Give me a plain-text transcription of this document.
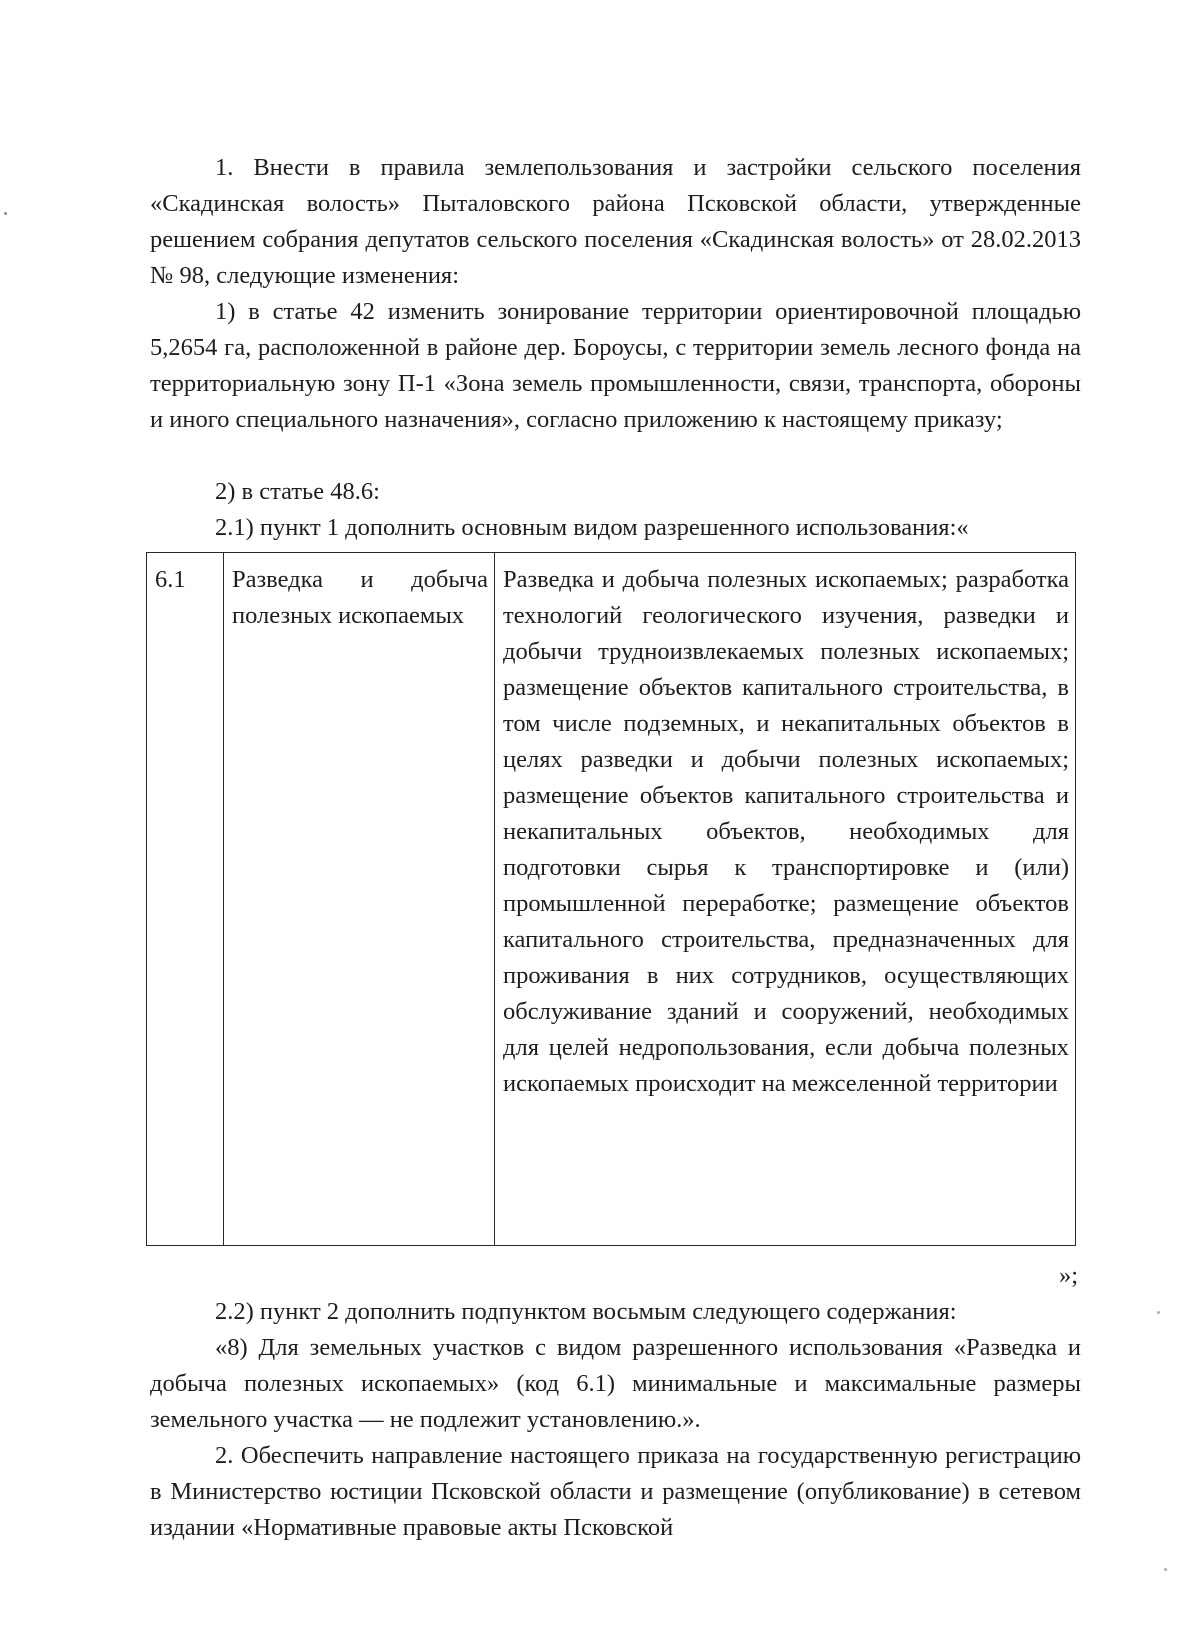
1. Внести в правила землепользования и застройки сельского поселения «Скадинская волость» Пыталовского района Псковской области, утвержденные решением собрания депутатов сельского поселения «Скадинская волость» от 28.02.2013 № 98, следующие изменения:

1) в статье 42 изменить зонирование территории ориентировочной площадью 5,2654 га, расположенной в районе дер. Бороусы, с территории земель лесного фонда на территориальную зону П-1 «Зона земель промышленности, связи, транспорта, обороны и иного специального назначения», согласно приложению к настоящему приказу;

2) в статье 48.6:

2.1) пункт 1 дополнить основным видом разрешенного использования:«

6.1	Разведка и добыча полезных ископаемых	Разведка и добыча полезных ископаемых; разработка технологий геологического изучения, разведки и добычи трудноизвлекаемых полезных ископаемых; размещение объектов капитального строительства, в том числе подземных, и некапитальных объектов в целях разведки и добычи полезных ископаемых; размещение объектов капитального строительства и некапитальных объектов, необходимых для подготовки сырья к транспортировке и (или) промышленной переработке; размещение объектов капитального строительства, предназначенных для проживания в них сотрудников, осуществляющих обслуживание зданий и сооружений, необходимых для целей недропользования, если добыча полезных ископаемых происходит на межселенной территории

»;

2.2) пункт 2 дополнить подпунктом восьмым следующего содержания:

«8) Для земельных участков с видом разрешенного использования «Разведка и добыча полезных ископаемых» (код 6.1) минимальные и максимальные размеры земельного участка — не подлежит установлению.».

2. Обеспечить направление настоящего приказа на государственную регистрацию в Министерство юстиции Псковской области и размещение (опубликование) в сетевом издании «Нормативные правовые акты Псковской
